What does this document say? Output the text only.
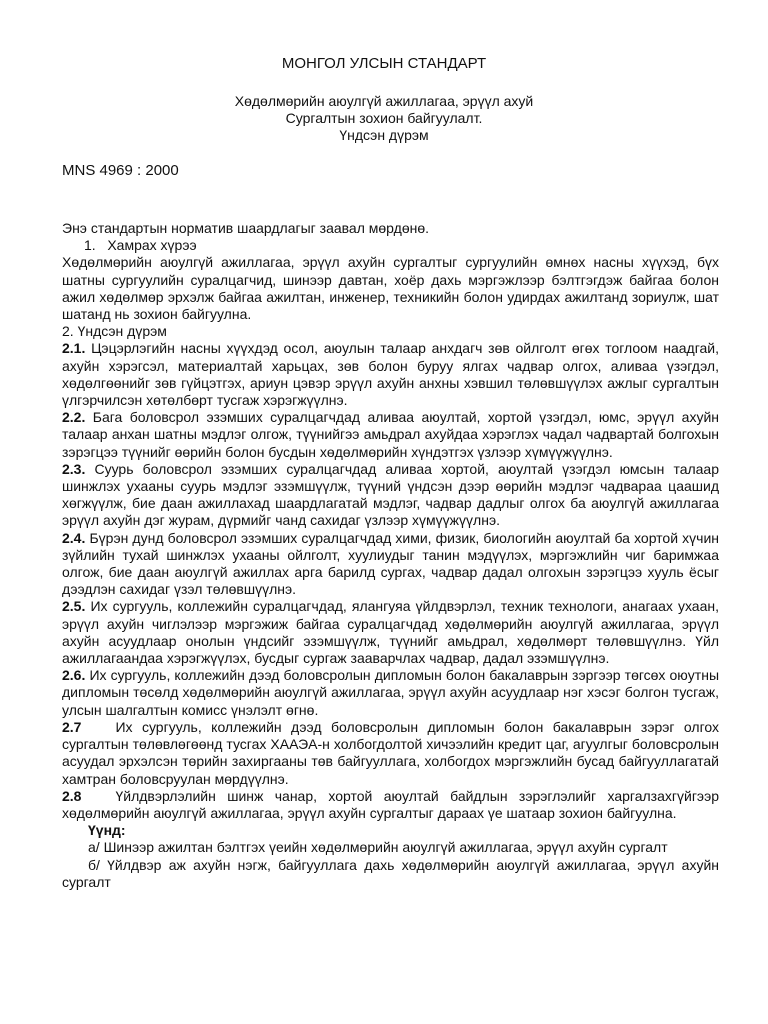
МОНГОЛ УЛСЫН СТАНДАРТ
Хөдөлмөрийн аюулгүй ажиллагаа, эрүүл ахуй
Сургалтын зохион байгуулалт.
Үндсэн дүрэм
MNS 4969 : 2000

Энэ стандартын норматив шаардлагыг заавал мөрдөнө.

1.   Хамрах хүрээ

Хөдөлмөрийн аюулгүй ажиллагаа, эрүүл ахуйн сургалтыг сургуулийн өмнөх насны хүүхэд, бүх шатны сургуулийн суралцагчид, шинээр давтан, хоёр дахь мэргэжлээр бэлтгэгдэж байгаа болон ажил хөдөлмөр эрхэлж байгаа ажилтан, инженер, техникийн болон удирдах ажилтанд зориулж, шат шатанд нь зохион байгуулна.

2. Үндсэн дүрэм

2.1. Цэцэрлэгийн насны хүүхдэд осол, аюулын талаар анхдагч зөв ойлголт өгөх тоглоом наадгай, ахуйн хэрэгсэл, материалтай харьцах, зөв болон буруу ялгах чадвар олгох, аливаа үзэгдэл, хөдөлгөөнийг зөв гүйцэтгэх, ариун цэвэр эрүүл ахуйн анхны хэвшил төлөвшүүлэх ажлыг сургалтын үлгэрчилсэн хөтөлбөрт тусгаж хэрэгжүүлнэ.

2.2. Бага боловсрол эзэмших суралцагчдад аливаа аюултай, хортой үзэгдэл, юмс, эрүүл ахуйн талаар анхан шатны мэдлэг олгож, түүнийгээ амьдрал ахуйдаа хэрэглэх чадал чадвартай болгохын зэрэгцээ түүнийг өөрийн болон бусдын хөдөлмөрийн хүндэтгэх үзлээр хүмүүжүүлнэ.

2.3. Суурь боловсрол эзэмших суралцагчдад аливаа хортой, аюултай үзэгдэл юмсын талаар шинжлэх ухааны суурь мэдлэг эзэмшүүлж, түүний үндсэн дээр өөрийн мэдлэг чадвараа цаашид хөгжүүлж, бие даан ажиллахад шаардлагатай мэдлэг, чадвар дадлыг олгох ба аюулгүй ажиллагаа эрүүл ахуйн дэг журам, дүрмийг чанд сахидаг үзлээр хүмүүжүүлнэ.

2.4. Бүрэн дунд боловсрол эзэмших суралцагчдад хими, физик, биологийн аюултай ба хортой хүчин зүйлийн тухай шинжлэх ухааны ойлголт, хуулиудыг танин мэдүүлэх, мэргэжлийн чиг баримжаа олгож, бие даан аюулгүй ажиллах арга барилд сургах, чадвар дадал олгохын зэрэгцээ хууль ёсыг дээдлэн сахидаг үзэл төлөвшүүлнэ.

2.5. Их сургууль, коллежийн суралцагчдад, ялангуяа үйлдвэрлэл, техник технологи, анагаах ухаан, эрүүл ахуйн чиглэлээр мэргэжиж байгаа суралцагчдад хөдөлмөрийн аюулгүй ажиллагаа, эрүүл ахуйн асуудлаар онолын үндсийг эзэмшүүлж, түүнийг амьдрал, хөдөлмөрт төлөвшүүлнэ. Үйл ажиллагаандаа хэрэгжүүлэх, бусдыг сургаж зааварчлах чадвар, дадал эзэмшүүлнэ.

2.6. Их сургууль, коллежийн дээд боловсролын дипломын болон бакалаврын зэргээр төгсөх оюутны дипломын төсөлд хөдөлмөрийн аюулгүй ажиллагаа, эрүүл ахуйн асуудлаар нэг хэсэг болгон тусгаж, улсын шалгалтын комисс үнэлэлт өгнө.

2.7 Их сургууль, коллежийн дээд боловсролын дипломын болон бакалаврын зэрэг олгох сургалтын төлөвлөгөөнд тусгах ХААЭА-н холбогдолтой хичээлийн кредит цаг, агуулгыг боловсролын асуудал эрхэлсэн төрийн захиргааны төв байгууллага, холбогдох мэргэжлийн бусад байгууллагатай хамтран боловсруулан мөрдүүлнэ.

2.8 Үйлдвэрлэлийн шинж чанар, хортой аюултай байдлын зэрэглэлийг харгалзахгүйгээр хөдөлмөрийн аюулгүй ажиллагаа, эрүүл ахуйн сургалтыг дараах үе шатаар зохион байгуулна.

Үүнд:

а/ Шинээр ажилтан бэлтгэх үеийн хөдөлмөрийн аюулгүй ажиллагаа, эрүүл ахуйн сургалт

б/ Үйлдвэр аж ахуйн нэгж, байгууллага дахь хөдөлмөрийн аюулгүй ажиллагаа, эрүүл ахуйн сургалт
